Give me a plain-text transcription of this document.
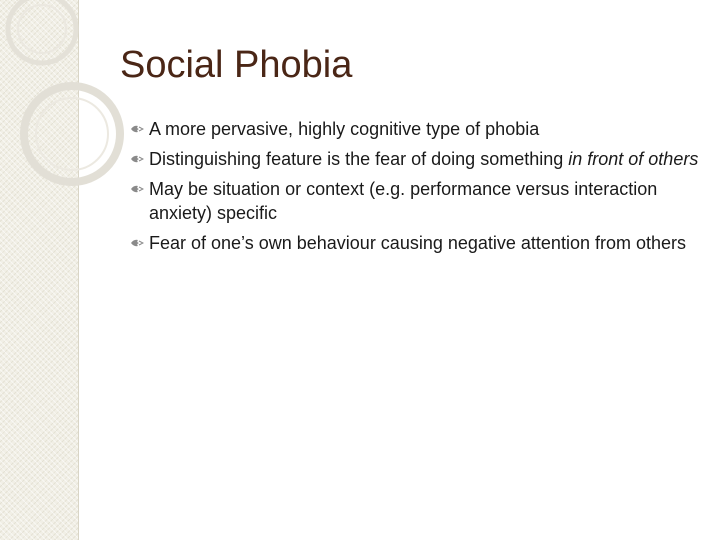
Social Phobia
A more pervasive, highly cognitive type of phobia
Distinguishing feature is the fear of doing something in front of others
May be situation or context (e.g. performance versus interaction anxiety) specific
Fear of one’s own behaviour causing negative attention from others
